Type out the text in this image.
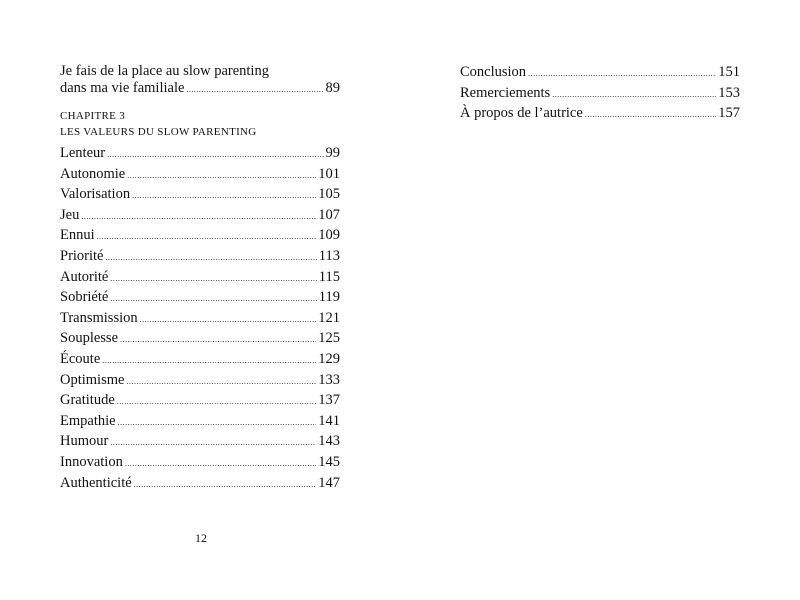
Je fais de la place au slow parenting
dans ma vie familiale .....	89
CHAPITRE 3
LES VALEURS DU SLOW PARENTING
Lenteur .....	99
Autonomie .....	101
Valorisation .....	105
Jeu .....	107
Ennui .....	109
Priorité .....	113
Autorité .....	115
Sobriété .....	119
Transmission .....	121
Souplesse .....	125
Écoute .....	129
Optimisme .....	133
Gratitude .....	137
Empathie .....	141
Humour .....	143
Innovation .....	145
Authenticité .....	147
Conclusion .....	151
Remerciements .....	153
À propos de l’autrice .....	157
12
